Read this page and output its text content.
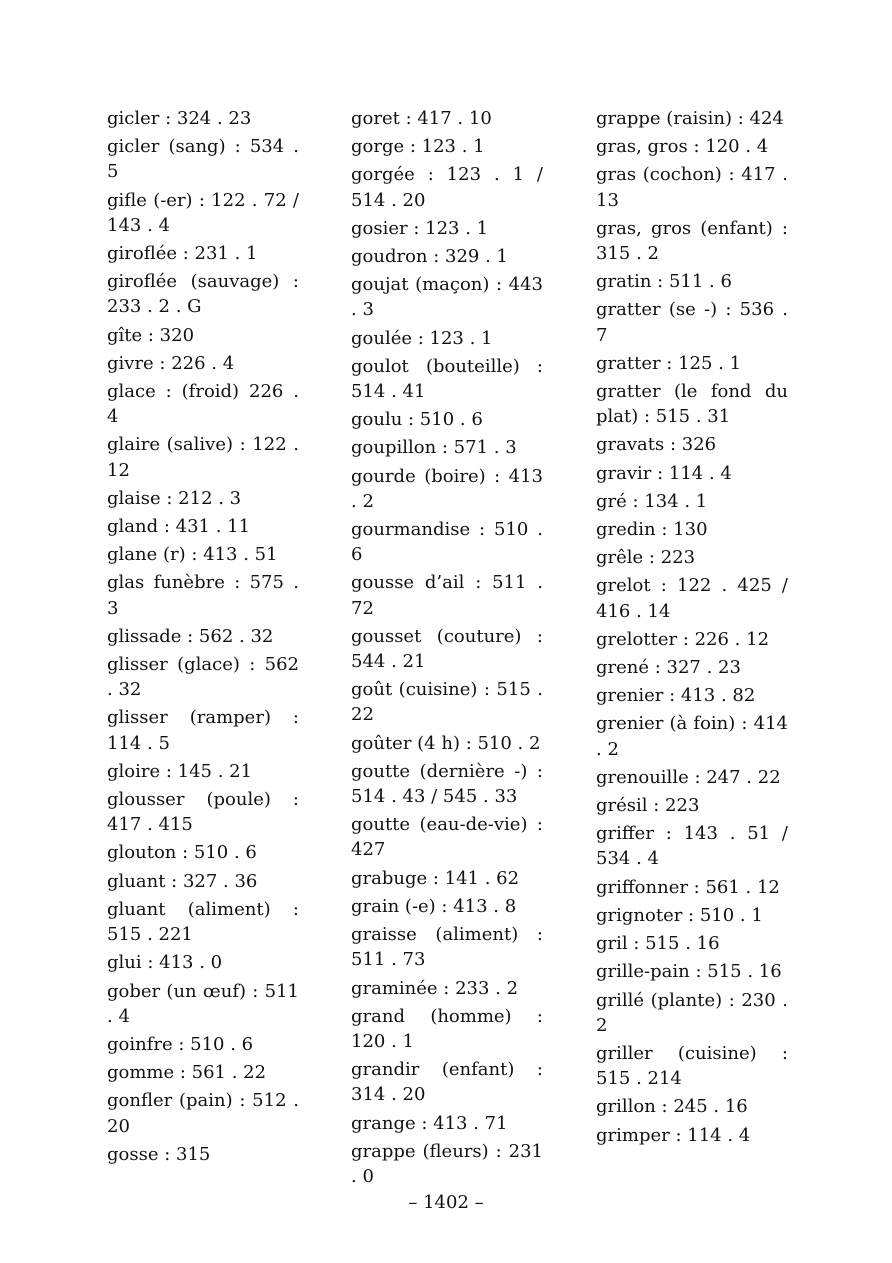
gicler : 324 . 23
gicler (sang) : 534 . 5
gifle (-er) : 122 . 72 / 143 . 4
giroflée : 231 . 1
giroflée (sauvage) : 233 . 2 . G
gîte : 320
givre : 226 . 4
glace : (froid) 226 . 4
glaire (salive) : 122 . 12
glaise : 212 . 3
gland : 431 . 11
glane (r) : 413 . 51
glas funèbre : 575 . 3
glissade : 562 . 32
glisser (glace) : 562 . 32
glisser (ramper) : 114 . 5
gloire : 145 . 21
glousser (poule) : 417 . 415
glouton : 510 . 6
gluant : 327 . 36
gluant (aliment) : 515 . 221
glui : 413 . 0
gober (un œuf) : 511 . 4
goinfre : 510 . 6
gomme : 561 . 22
gonfler (pain) : 512 . 20
gosse : 315
goret : 417 . 10
gorge : 123 . 1
gorgée : 123 . 1 / 514 . 20
gosier : 123 . 1
goudron : 329 . 1
goujat (maçon) : 443 . 3
goulée : 123 . 1
goulot (bouteille) : 514 . 41
goulu : 510 . 6
goupillon : 571 . 3
gourde (boire) : 413 . 2
gourmandise : 510 . 6
gousse d’ail : 511 . 72
gousset (couture) : 544 . 21
goût (cuisine) : 515 . 22
goûter (4 h) : 510 . 2
goutte (dernière -) : 514 . 43 / 545 . 33
goutte (eau-de-vie) : 427
grabuge : 141 . 62
grain (-e) : 413 . 8
graisse (aliment) : 511 . 73
graminée : 233 . 2
grand (homme) : 120 . 1
grandir (enfant) : 314 . 20
grange : 413 . 71
grappe (fleurs) : 231 . 0
grappe (raisin) : 424
gras, gros : 120 . 4
gras (cochon) : 417 . 13
gras, gros (enfant) : 315 . 2
gratin : 511 . 6
gratter (se -) : 536 . 7
gratter : 125 . 1
gratter (le fond du plat) : 515 . 31
gravats : 326
gravir : 114 . 4
gré : 134 . 1
gredin : 130
grêle : 223
grelot : 122 . 425 / 416 . 14
grelotter : 226 . 12
grené : 327 . 23
grenier : 413 . 82
grenier (à foin) : 414 . 2
grenouille : 247 . 22
grésil : 223
griffer : 143 . 51 / 534 . 4
griffonner : 561 . 12
grignoter : 510 . 1
gril : 515 . 16
grille-pain : 515 . 16
grillé (plante) : 230 . 2
griller (cuisine) : 515 . 214
grillon : 245 . 16
grimper : 114 . 4
– 1402 –
